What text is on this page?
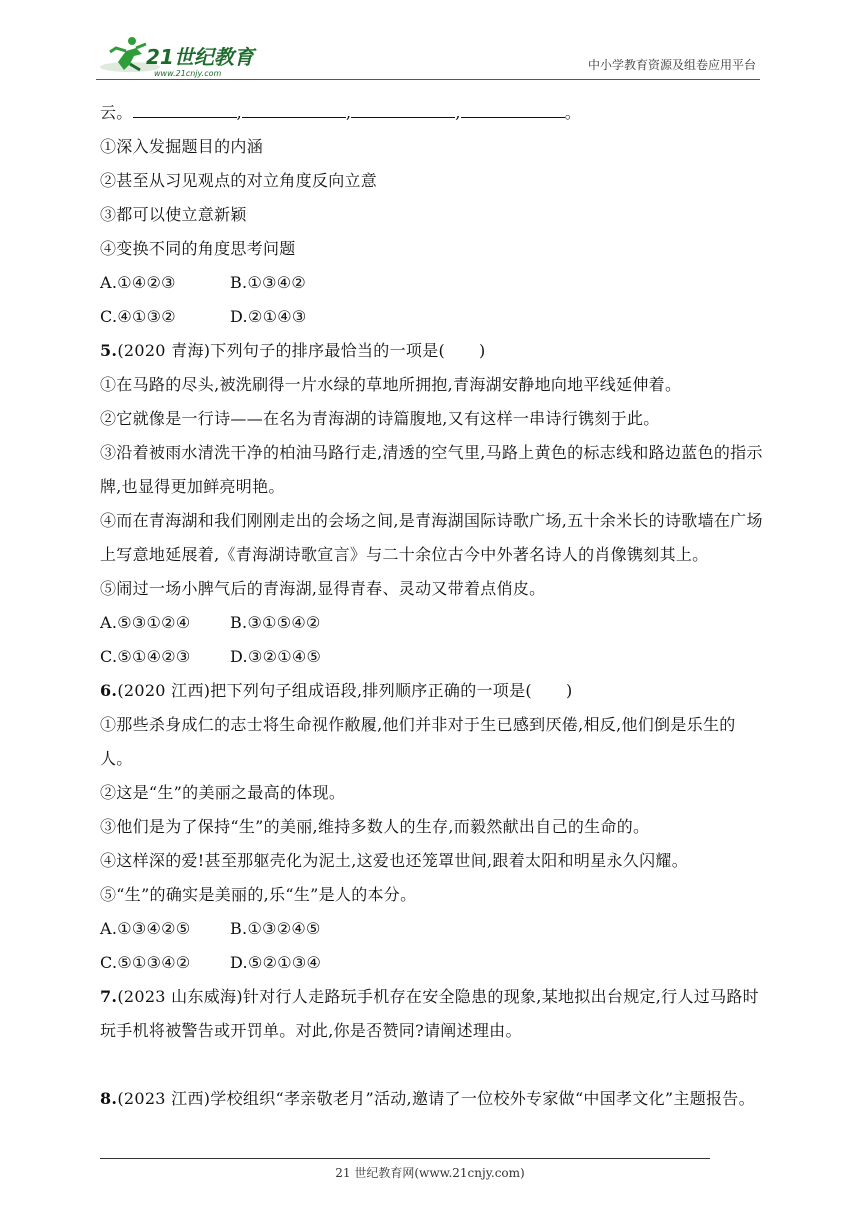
21世纪教育
www.21cnjy.com
中小学教育资源及组卷应用平台
云。	,	,	,	。
①深入发掘题目的内涵
②甚至从习见观点的对立角度反向立意
③都可以使立意新颖
④变换不同的角度思考问题
A.①④②③	B.①③④②
C.④①③②	D.②①④③
5.(2020 青海)下列句子的排序最恰当的一项是( )
①在马路的尽头,被洗刷得一片水绿的草地所拥抱,青海湖安静地向地平线延伸着。
②它就像是一行诗——在名为青海湖的诗篇腹地,又有这样一串诗行镌刻于此。
③沿着被雨水清洗干净的柏油马路行走,清透的空气里,马路上黄色的标志线和路边蓝色的指示牌,也显得更加鲜亮明艳。
④而在青海湖和我们刚刚走出的会场之间,是青海湖国际诗歌广场,五十余米长的诗歌墙在广场上写意地延展着,《青海湖诗歌宣言》与二十余位古今中外著名诗人的肖像镌刻其上。
⑤闹过一场小脾气后的青海湖,显得青春、灵动又带着点俏皮。
A.⑤③①②④ B.③①⑤④②
C.⑤①④②③ D.③②①④⑤
6.(2020 江西)把下列句子组成语段,排列顺序正确的一项是( )
①那些杀身成仁的志士将生命视作敝履,他们并非对于生已感到厌倦,相反,他们倒是乐生的人。
②这是“生”的美丽之最高的体现。
③他们是为了保持“生”的美丽,维持多数人的生存,而毅然献出自己的生命的。
④这样深的爱!甚至那躯壳化为泥土,这爱也还笼罩世间,跟着太阳和明星永久闪耀。
⑤“生”的确实是美丽的,乐“生”是人的本分。
A.①③④②⑤ B.①③②④⑤
C.⑤①③④② D.⑤②①③④
7.(2023 山东威海)针对行人走路玩手机存在安全隐患的现象,某地拟出台规定,行人过马路时玩手机将被警告或开罚单。对此,你是否赞同?请阐述理由。
8.(2023 江西)学校组织“孝亲敬老月”活动,邀请了一位校外专家做“中国孝文化”主题报告。
21 世纪教育网(www.21cnjy.com)
